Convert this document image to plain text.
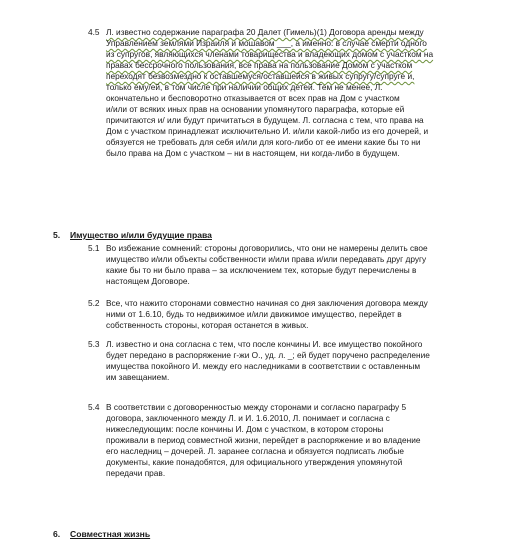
4.5 Л. известно содержание параграфа 20 Далет (Гимель)(1) Договора аренды между
Управлением землями Израиля и мошавом ___, а именно: в случае смерти одного
из супругов, являющихся членами товарищества и владеющих домом с участком на
правах бессрочного пользования, все права на пользование Домом с участком
переходят безвозмездно к оставшемуся/оставшейся в живых супругу/супруге и,
только ему/ей, в том числе при наличии общих детей. Тем не менее, Л.
окончательно и бесповоротно отказывается от всех прав на Дом с участком
и/или от всяких иных прав на основании упомянутого параграфа, которые ей
причитаются и/ или будут причитаться в будущем. Л. согласна с тем, что права на
Дом с участком принадлежат исключительно И. и/или какой-либо из его дочерей, и
обязуется не требовать для себя и/или для кого-либо от ее имени какие бы то ни
было права на Дом с участком – ни в настоящем, ни когда-либо в будущем.
5. Имущество и/или будущие права
5.1 Во избежание сомнений: стороны договорились, что они не намерены делить свое
имущество и/или объекты собственности и/или права и/или передавать друг другу
какие бы то ни было права – за исключением тех, которые будут перечислены в
настоящем Договоре.
5.2 Все, что нажито сторонами совместно начиная со дня заключения договора между
ними от 1.6.10, будь то недвижимое и/или движимое имущество, перейдет в
собственность стороны, которая останется в живых.
5.3 Л. известно и она согласна с тем, что после кончины И. все имущество покойного
будет передано в распоряжение г-жи О., уд. л. _; ей будет поручено распределение
имущества покойного И. между его наследниками в соответствии с оставленным
им завещанием.
5.4 В соответствии с договоренностью между сторонами и согласно параграфу 5
договора, заключенного между Л. и И. 1.6.2010, Л. понимает и согласна с
нижеследующим: после кончины И. Дом с участком, в котором стороны
проживали в период совместной жизни, перейдет в распоряжение и во владение
его наследниц – дочерей. Л. заранее согласна и обязуется подписать любые
документы, какие понадобятся, для официального утверждения упомянутой
передачи прав.
6. Совместная жизнь
